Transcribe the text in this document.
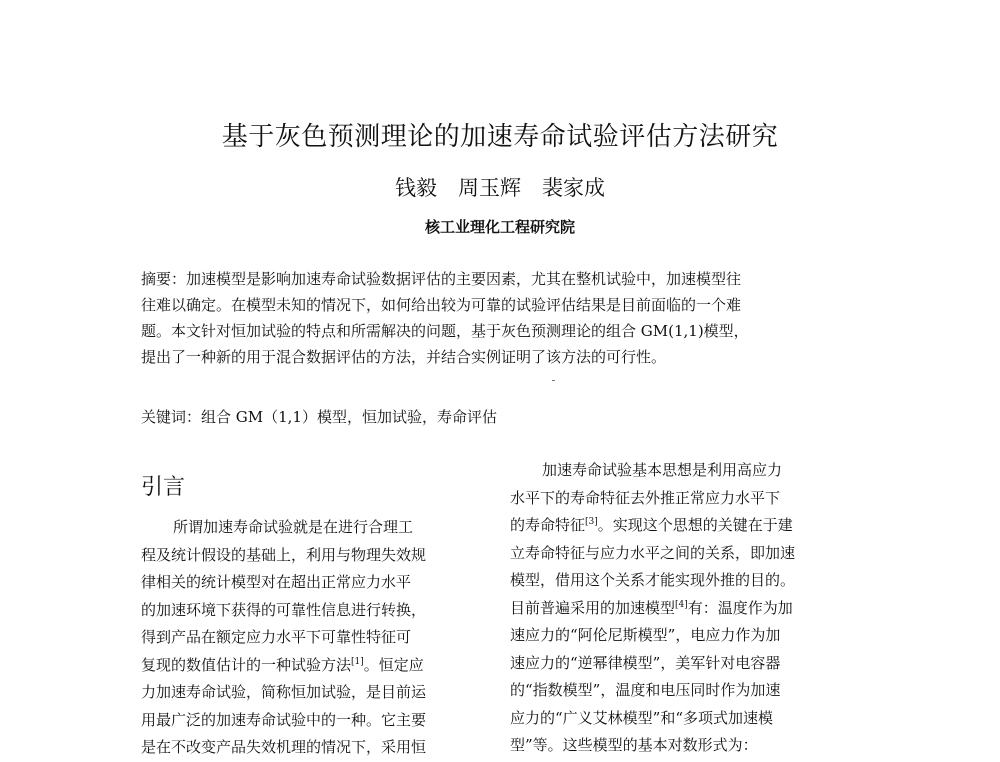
基于灰色预测理论的加速寿命试验评估方法研究
钱毅　周玉辉　裴家成
核工业理化工程研究院
摘要：加速模型是影响加速寿命试验数据评估的主要因素，尤其在整机试验中，加速模型往
往难以确定。在模型未知的情况下，如何给出较为可靠的试验评估结果是目前面临的一个难
题。本文针对恒加试验的特点和所需解决的问题，基于灰色预测理论的组合 GM(1,1)模型，
提出了一种新的用于混合数据评估的方法，并结合实例证明了该方法的可行性。
关键词：组合 GM（1,1）模型，恒加试验，寿命评估
引言
所谓加速寿命试验就是在进行合理工
程及统计假设的基础上，利用与物理失效规
律相关的统计模型对在超出正常应力水平
的加速环境下获得的可靠性信息进行转换，
得到产品在额定应力水平下可靠性特征可
复现的数值估计的一种试验方法[1]。恒定应
力加速寿命试验，简称恒加试验，是目前运
用最广泛的加速寿命试验中的一种。它主要
是在不改变产品失效机理的情况下，采用恒
加速寿命试验基本思想是利用高应力
水平下的寿命特征去外推正常应力水平下
的寿命特征[3]。实现这个思想的关键在于建
立寿命特征与应力水平之间的关系，即加速
模型，借用这个关系才能实现外推的目的。
目前普遍采用的加速模型[4]有：温度作为加
速应力的“阿伦尼斯模型”，电应力作为加
速应力的“逆幂律模型”，美军针对电容器
的“指数模型”，温度和电压同时作为加速
应力的“广义艾林模型”和“多项式加速模
型”等。这些模型的基本对数形式为：
